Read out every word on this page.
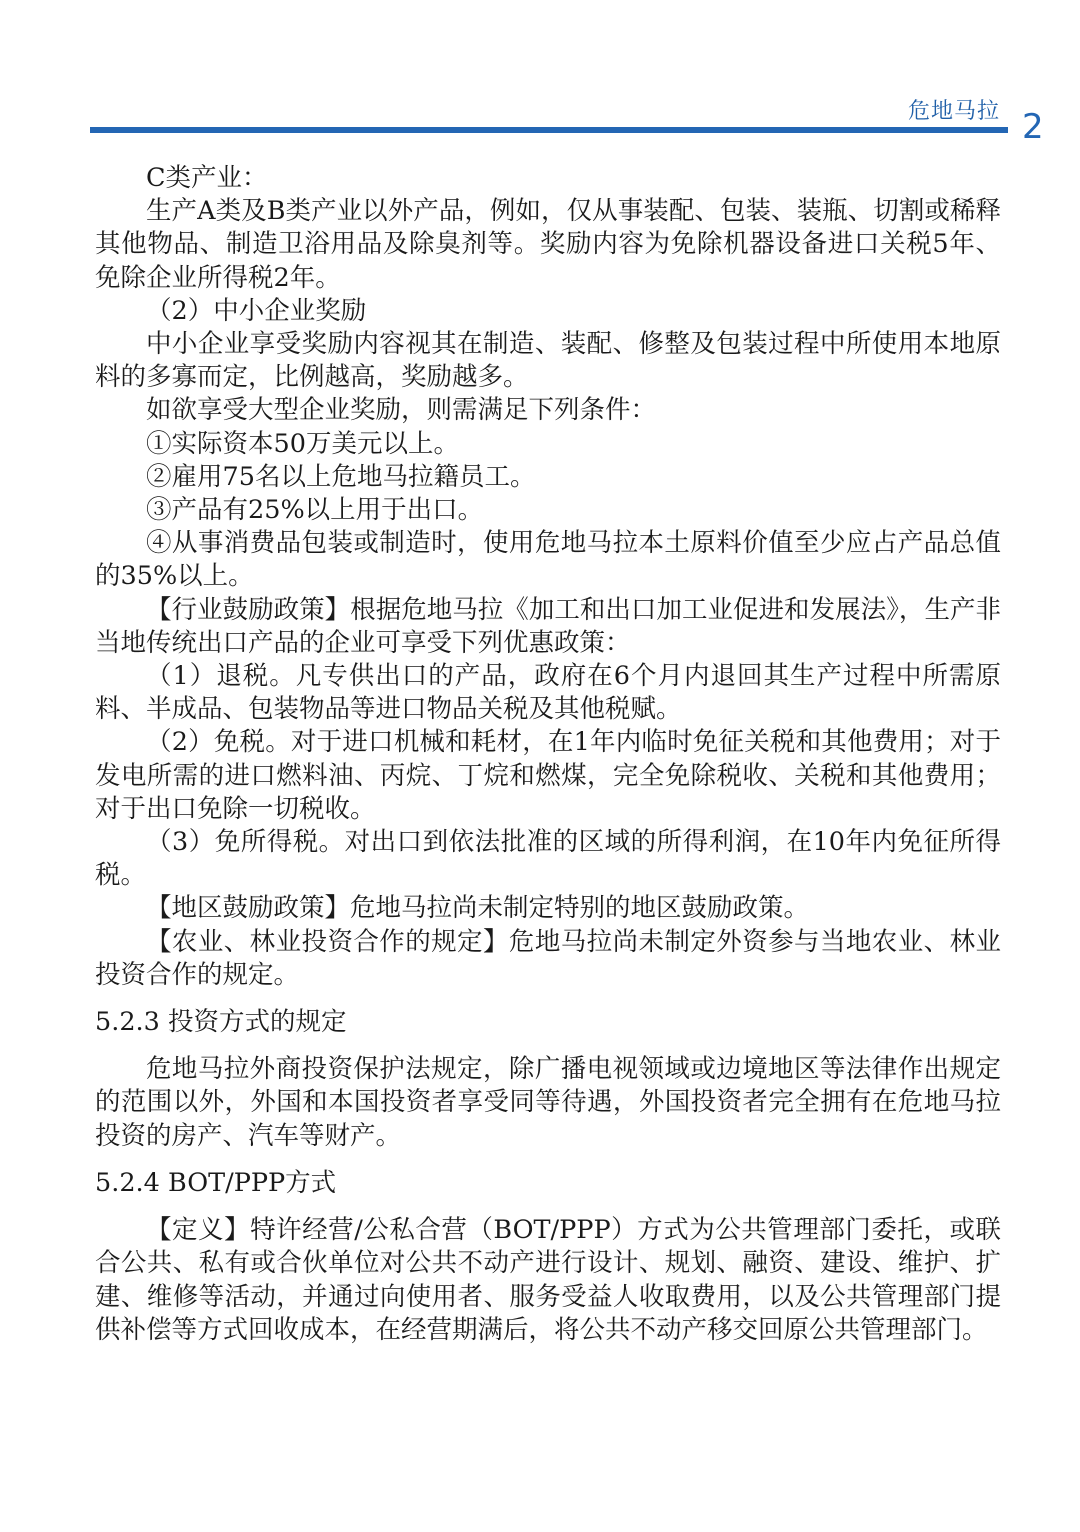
危地马拉 2

C类产业：

生产A类及B类产业以外产品，例如，仅从事装配、包装、装瓶、切割或稀释其他物品、制造卫浴用品及除臭剂等。奖励内容为免除机器设备进口关税5年、免除企业所得税2年。

（2）中小企业奖励

中小企业享受奖励内容视其在制造、装配、修整及包装过程中所使用本地原料的多寡而定，比例越高，奖励越多。

如欲享受大型企业奖励，则需满足下列条件：

①实际资本50万美元以上。

②雇用75名以上危地马拉籍员工。

③产品有25%以上用于出口。

④从事消费品包装或制造时，使用危地马拉本土原料价值至少应占产品总值的35%以上。

【行业鼓励政策】根据危地马拉《加工和出口加工业促进和发展法》，生产非当地传统出口产品的企业可享受下列优惠政策：

（1）退税。凡专供出口的产品，政府在6个月内退回其生产过程中所需原料、半成品、包装物品等进口物品关税及其他税赋。

（2）免税。对于进口机械和耗材，在1年内临时免征关税和其他费用；对于发电所需的进口燃料油、丙烷、丁烷和燃煤，完全免除税收、关税和其他费用；对于出口免除一切税收。

（3）免所得税。对出口到依法批准的区域的所得利润，在10年内免征所得税。

【地区鼓励政策】危地马拉尚未制定特别的地区鼓励政策。

【农业、林业投资合作的规定】危地马拉尚未制定外资参与当地农业、林业投资合作的规定。

5.2.3 投资方式的规定

危地马拉外商投资保护法规定，除广播电视领域或边境地区等法律作出规定的范围以外，外国和本国投资者享受同等待遇，外国投资者完全拥有在危地马拉投资的房产、汽车等财产。

5.2.4 BOT/PPP方式

【定义】特许经营/公私合营（BOT/PPP）方式为公共管理部门委托，或联合公共、私有或合伙单位对公共不动产进行设计、规划、融资、建设、维护、扩建、维修等活动，并通过向使用者、服务受益人收取费用，以及公共管理部门提供补偿等方式回收成本，在经营期满后，将公共不动产移交回原公共管理部门。
